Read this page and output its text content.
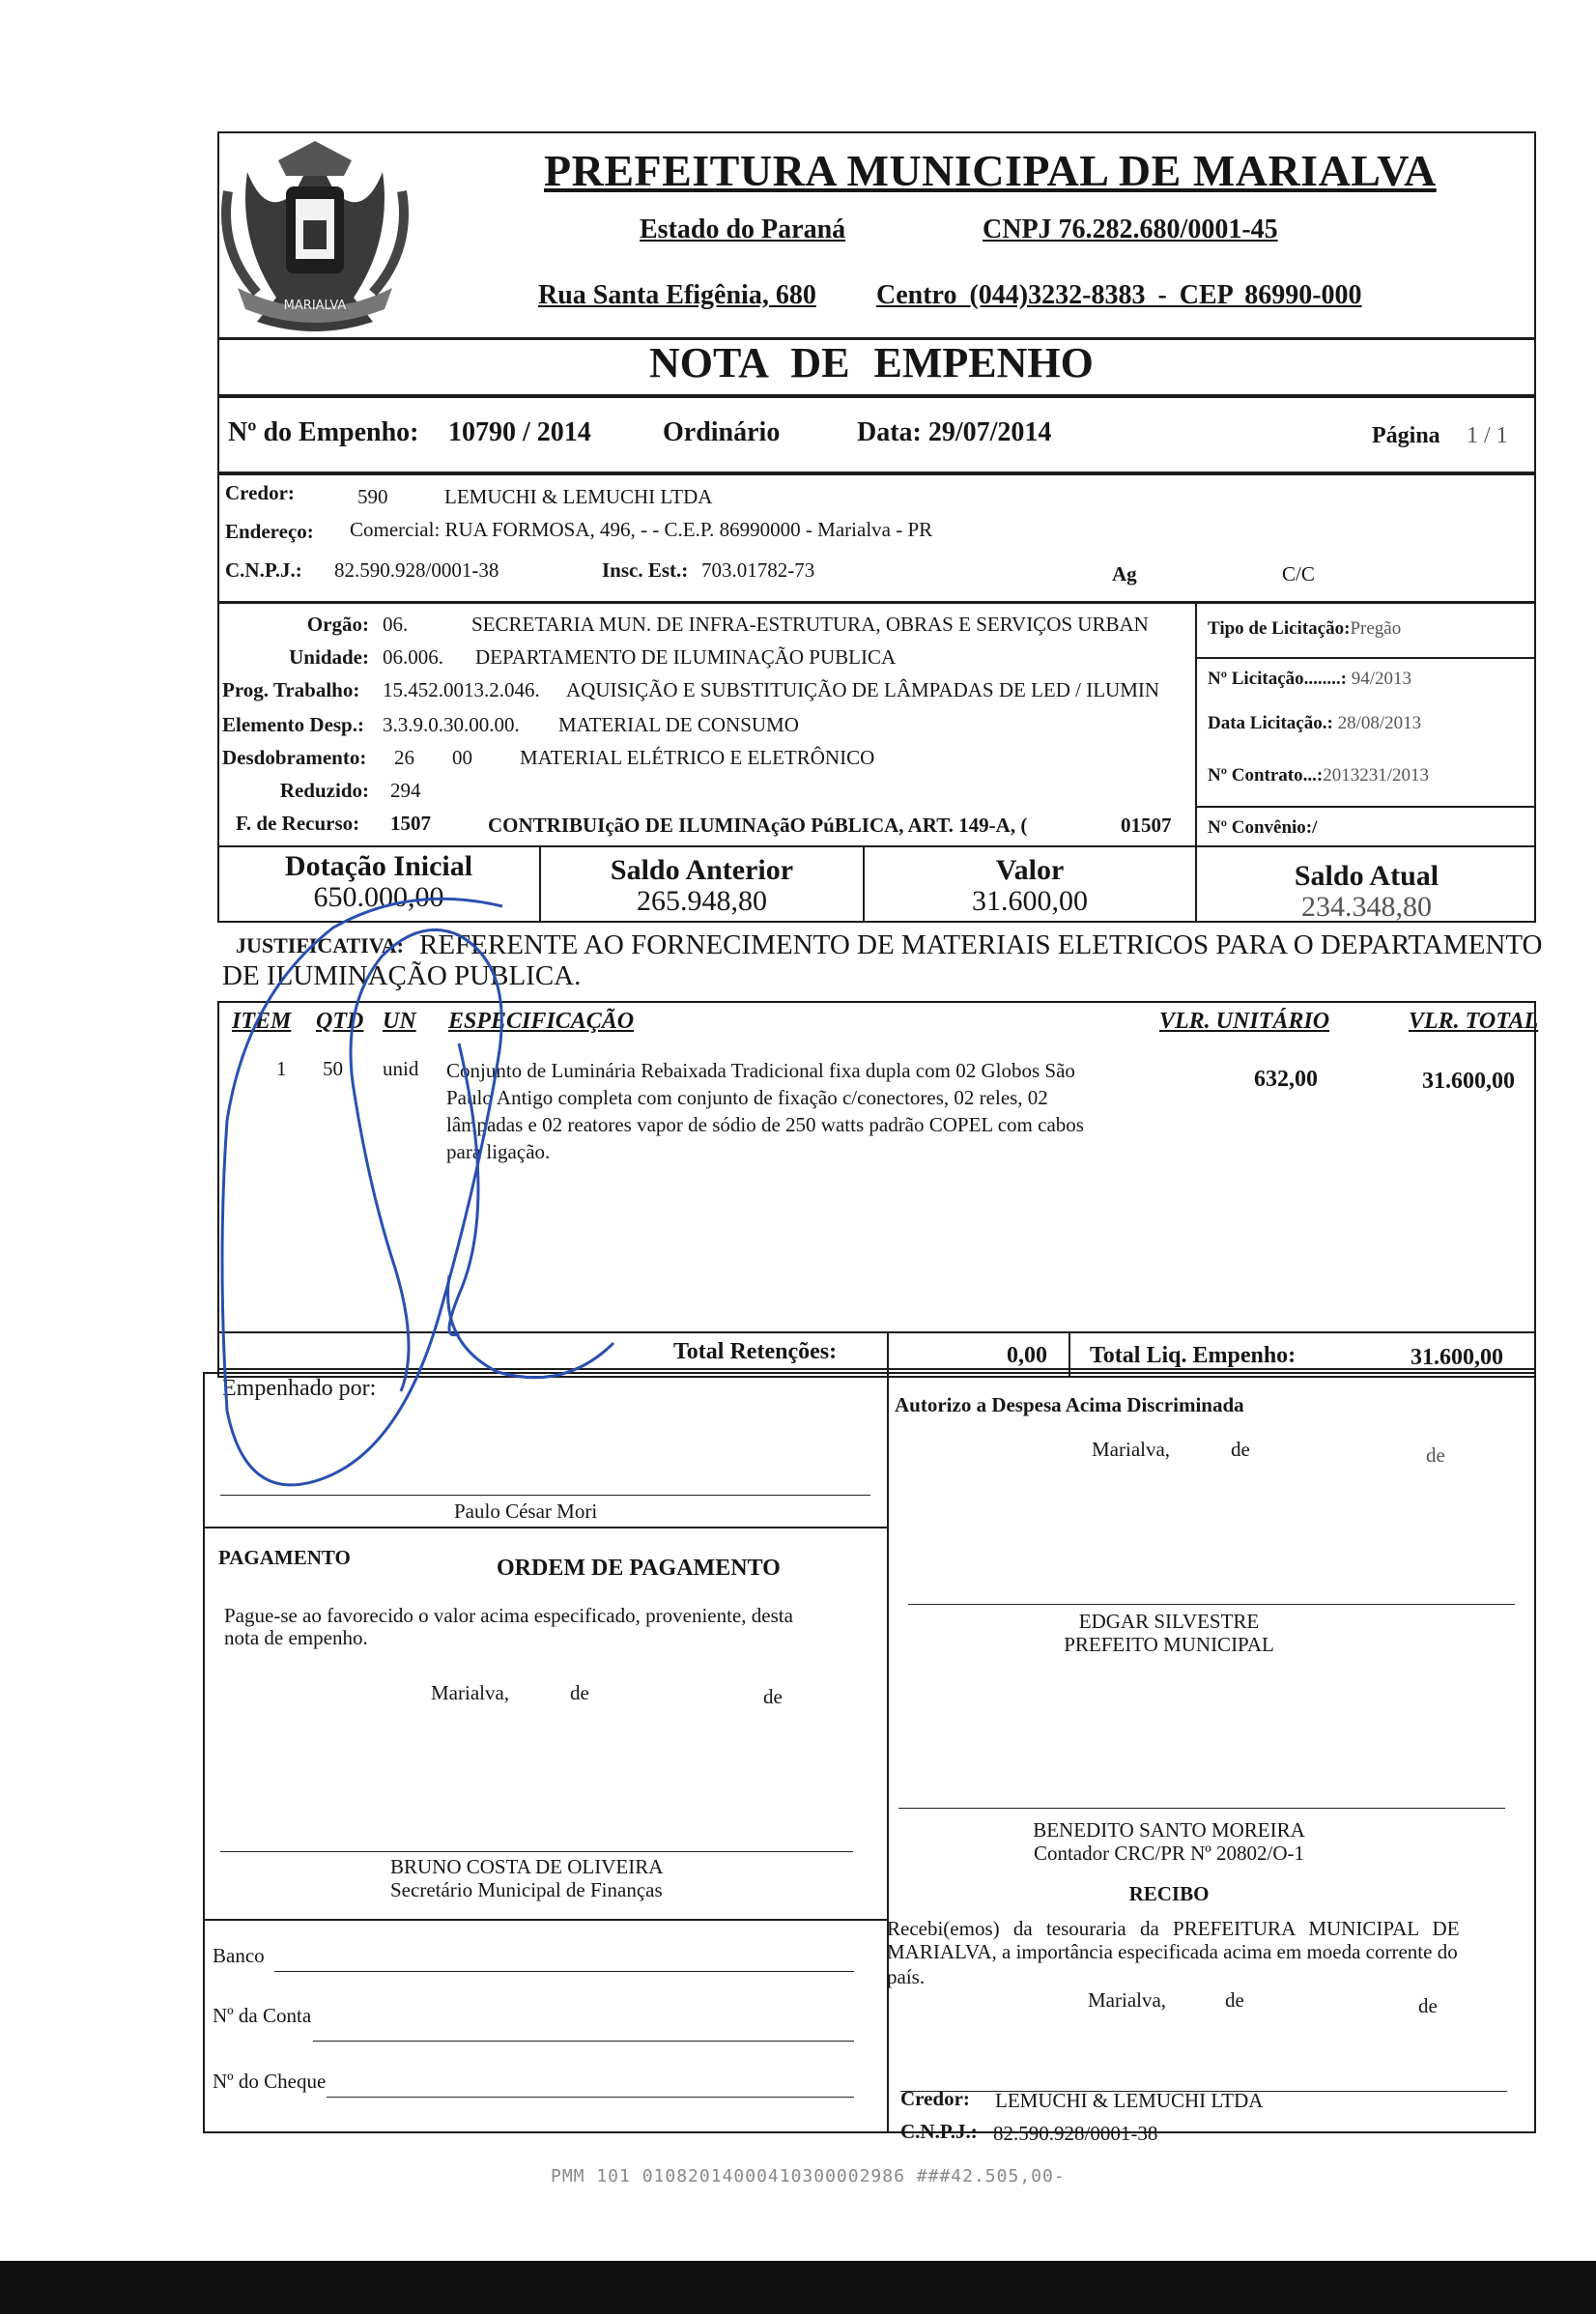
MARIALVA
PREFEITURA MUNICIPAL DE MARIALVA
Estado do Paraná	CNPJ 76.282.680/0001-45
Rua Santa Efigênia, 680 Centro (044)3232-8383 - CEP 86990-000
NOTA DE EMPENHO
Nº do Empenho: 10790 / 2014	Ordinário	Data: 29/07/2014	Página 1 / 1
Credor:	590	LEMUCHI & LEMUCHI LTDA
Endereço: Comercial: RUA FORMOSA, 496, - - C.E.P. 86990000 - Marialva - PR
C.N.P.J.: 82.590.928/0001-38	Insc. Est.: 703.01782-73	Ag	C/C
Orgão: 06.	SECRETARIA MUN. DE INFRA-ESTRUTURA, OBRAS E SERVIÇOS URBAN
Unidade: 06.006. DEPARTAMENTO DE ILUMINAÇÃO PUBLICA
Prog. Trabalho: 15.452.0013.2.046. AQUISIÇÃO E SUBSTITUIÇÃO DE LÂMPADAS DE LED / ILUMIN
Elemento Desp.: 3.3.9.0.30.00.00. MATERIAL DE CONSUMO
Desdobramento: 26 00 MATERIAL ELÉTRICO E ELETRÔNICO
Reduzido: 294
F. de Recurso: 1507	CONTRIBUIçãO DE ILUMINAçãO PúBLICA, ART. 149-A, (	01507
Tipo de Licitação:Pregão
Nº Licitação........: 94/2013
Data Licitação.: 28/08/2013
Nº Contrato...:2013231/2013
Nº Convênio:/
Dotação Inicial
650.000,00
Saldo Anterior
265.948,80
Valor
31.600,00
Saldo Atual
234.348,80
JUSTIFICATIVA: REFERENTE AO FORNECIMENTO DE MATERIAIS ELETRICOS PARA O DEPARTAMENTO
DE ILUMINAÇÃO PUBLICA.
ITEM QTD UN ESPECIFICAÇÃO	VLR. UNITÁRIO	VLR. TOTAL
1 50 unid Conjunto de Luminária Rebaixada Tradicional fixa dupla com 02 Globos São
Paulo Antigo completa com conjunto de fixação c/conectores, 02 reles, 02
lâmpadas e 02 reatores vapor de sódio de 250 watts padrão COPEL com cabos
para ligação.
632,00	31.600,00
Total Retenções:	0,00 Total Liq. Empenho:	31.600,00
Empenhado por:
Paulo César Mori
PAGAMENTO	ORDEM DE PAGAMENTO
Pague-se ao favorecido o valor acima especificado, proveniente, desta
nota de empenho.
Marialva,	de	de
BRUNO COSTA DE OLIVEIRA
Secretário Municipal de Finanças
Banco
Nº da Conta
Nº do Cheque
Autorizo a Despesa Acima Discriminada
Marialva,	de	de
EDGAR SILVESTRE
PREFEITO MUNICIPAL
BENEDITO SANTO MOREIRA
Contador CRC/PR Nº 20802/O-1
RECIBO
Recebi(emos) da tesouraria da PREFEITURA MUNICIPAL DE
MARIALVA, a importância especificada acima em moeda corrente do
país.
Marialva,	de	de
Credor: LEMUCHI & LEMUCHI LTDA
C.N.P.J.: 82.590.928/0001-38
PMM 101 01082014000410300002986 ###42.505,00-
